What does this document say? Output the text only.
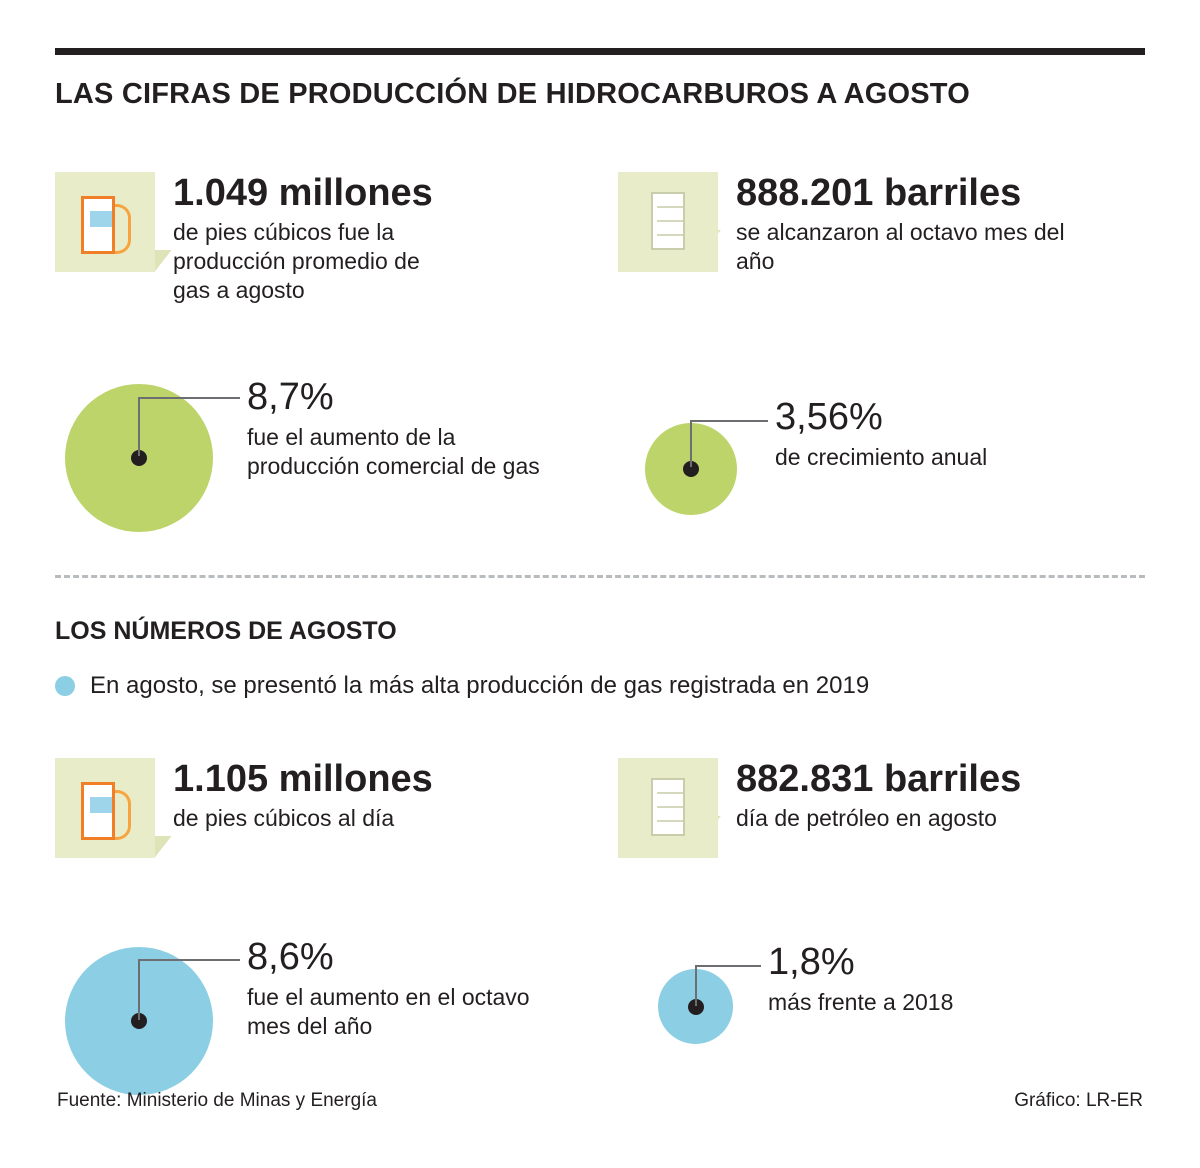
LAS CIFRAS DE PRODUCCIÓN DE HIDROCARBUROS A AGOSTO
1.049 millones
de pies cúbicos fue la producción promedio de gas a agosto
888.201 barriles
se alcanzaron al octavo mes del año
8,7%
fue el aumento de la producción comercial de gas
3,56%
de crecimiento anual
LOS NÚMEROS DE AGOSTO
En agosto, se presentó la más alta producción de gas registrada en 2019
1.105 millones
de pies cúbicos al día
882.831 barriles
día de petróleo en agosto
8,6%
fue el aumento en el octavo mes del año
1,8%
más frente a 2018
Fuente: Ministerio de Minas y Energía	Gráfico: LR-ER
